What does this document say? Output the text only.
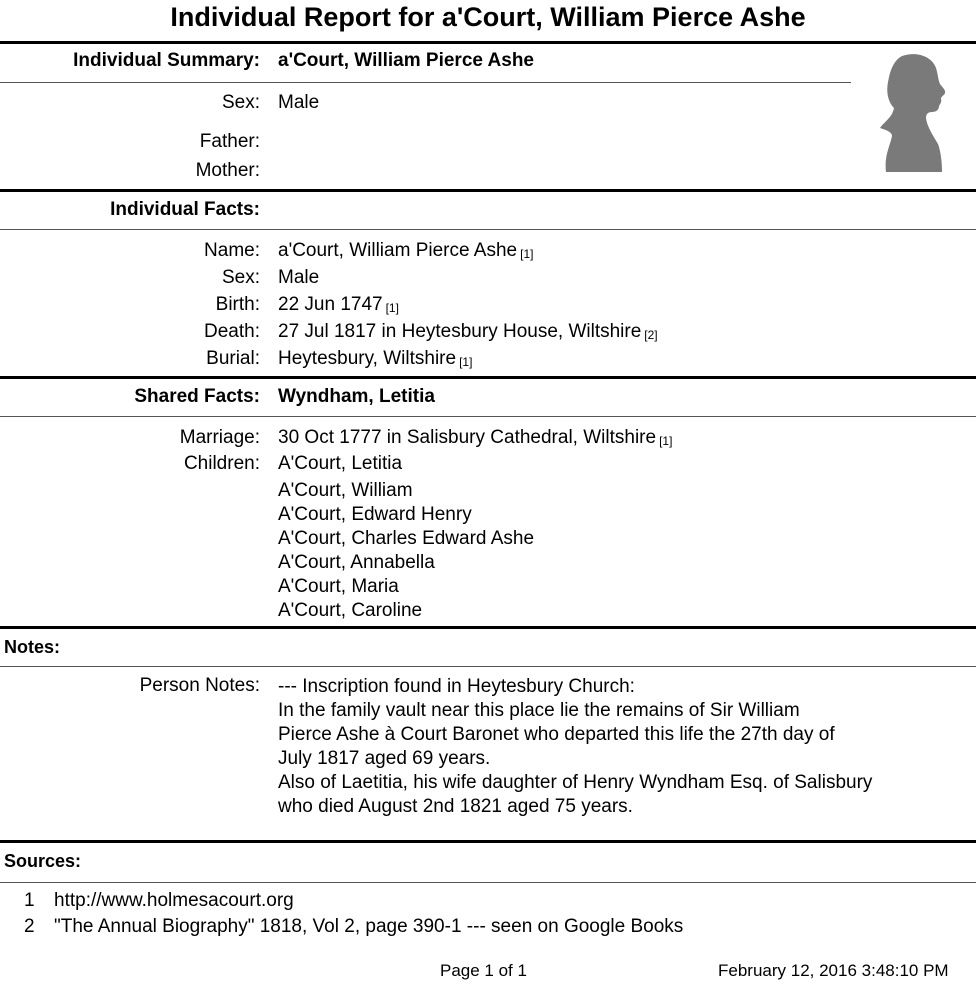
Individual Report for a'Court, William Pierce Ashe
Individual Summary: a'Court, William Pierce Ashe
Sex: Male
Father:
Mother:
Individual Facts:
Name: a'Court, William Pierce Ashe [1]
Sex: Male
Birth: 22 Jun 1747 [1]
Death: 27 Jul 1817 in Heytesbury House, Wiltshire [2]
Burial: Heytesbury, Wiltshire [1]
Shared Facts: Wyndham, Letitia
Marriage: 30 Oct 1777 in Salisbury Cathedral, Wiltshire [1]
Children: A'Court, Letitia
A'Court, William
A'Court, Edward Henry
A'Court, Charles Edward Ashe
A'Court, Annabella
A'Court, Maria
A'Court, Caroline
Notes:
Person Notes: --- Inscription found in Heytesbury Church:
In the family vault near this place lie the remains of Sir William
Pierce Ashe à Court Baronet who departed this life the 27th day of
July 1817 aged 69 years.
Also of Laetitia, his wife daughter of Henry Wyndham Esq. of Salisbury
who died August 2nd 1821 aged 75 years.
Sources:
1 http://www.holmesacourt.org
2 "The Annual Biography" 1818, Vol 2, page 390-1 --- seen on Google Books
Page 1 of 1	February 12, 2016 3:48:10 PM
